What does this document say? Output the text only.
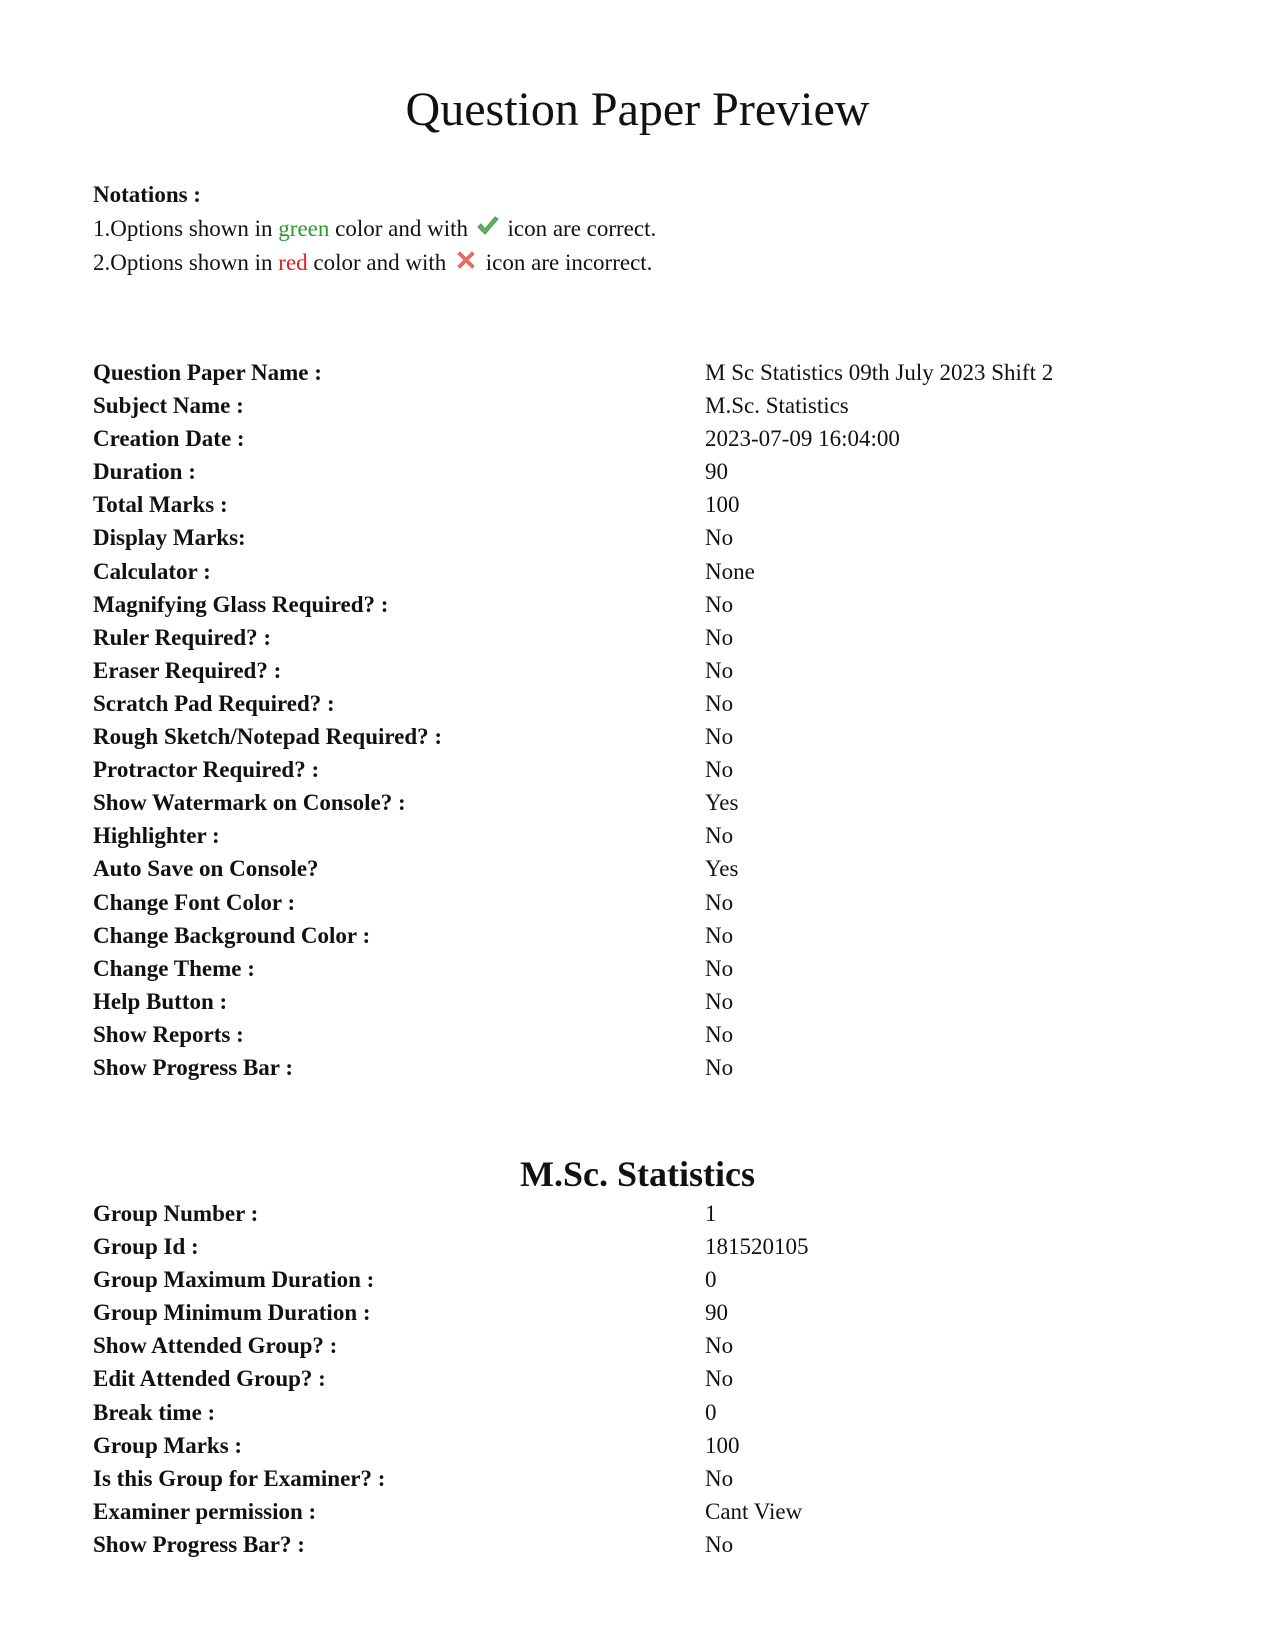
Question Paper Preview
Notations :
1.Options shown in green color and with icon are correct.
2.Options shown in red color and with icon are incorrect.
Question Paper Name :	M Sc Statistics 09th July 2023 Shift 2
Subject Name :	M.Sc. Statistics
Creation Date :	2023-07-09 16:04:00
Duration :	90
Total Marks :	100
Display Marks:	No
Calculator :	None
Magnifying Glass Required? :	No
Ruler Required? :	No
Eraser Required? :	No
Scratch Pad Required? :	No
Rough Sketch/Notepad Required? :	No
Protractor Required? :	No
Show Watermark on Console? :	Yes
Highlighter :	No
Auto Save on Console?	Yes
Change Font Color :	No
Change Background Color :	No
Change Theme :	No
Help Button :	No
Show Reports :	No
Show Progress Bar :	No
M.Sc. Statistics
Group Number :	1
Group Id :	181520105
Group Maximum Duration :	0
Group Minimum Duration :	90
Show Attended Group? :	No
Edit Attended Group? :	No
Break time :	0
Group Marks :	100
Is this Group for Examiner? :	No
Examiner permission :	Cant View
Show Progress Bar? :	No
